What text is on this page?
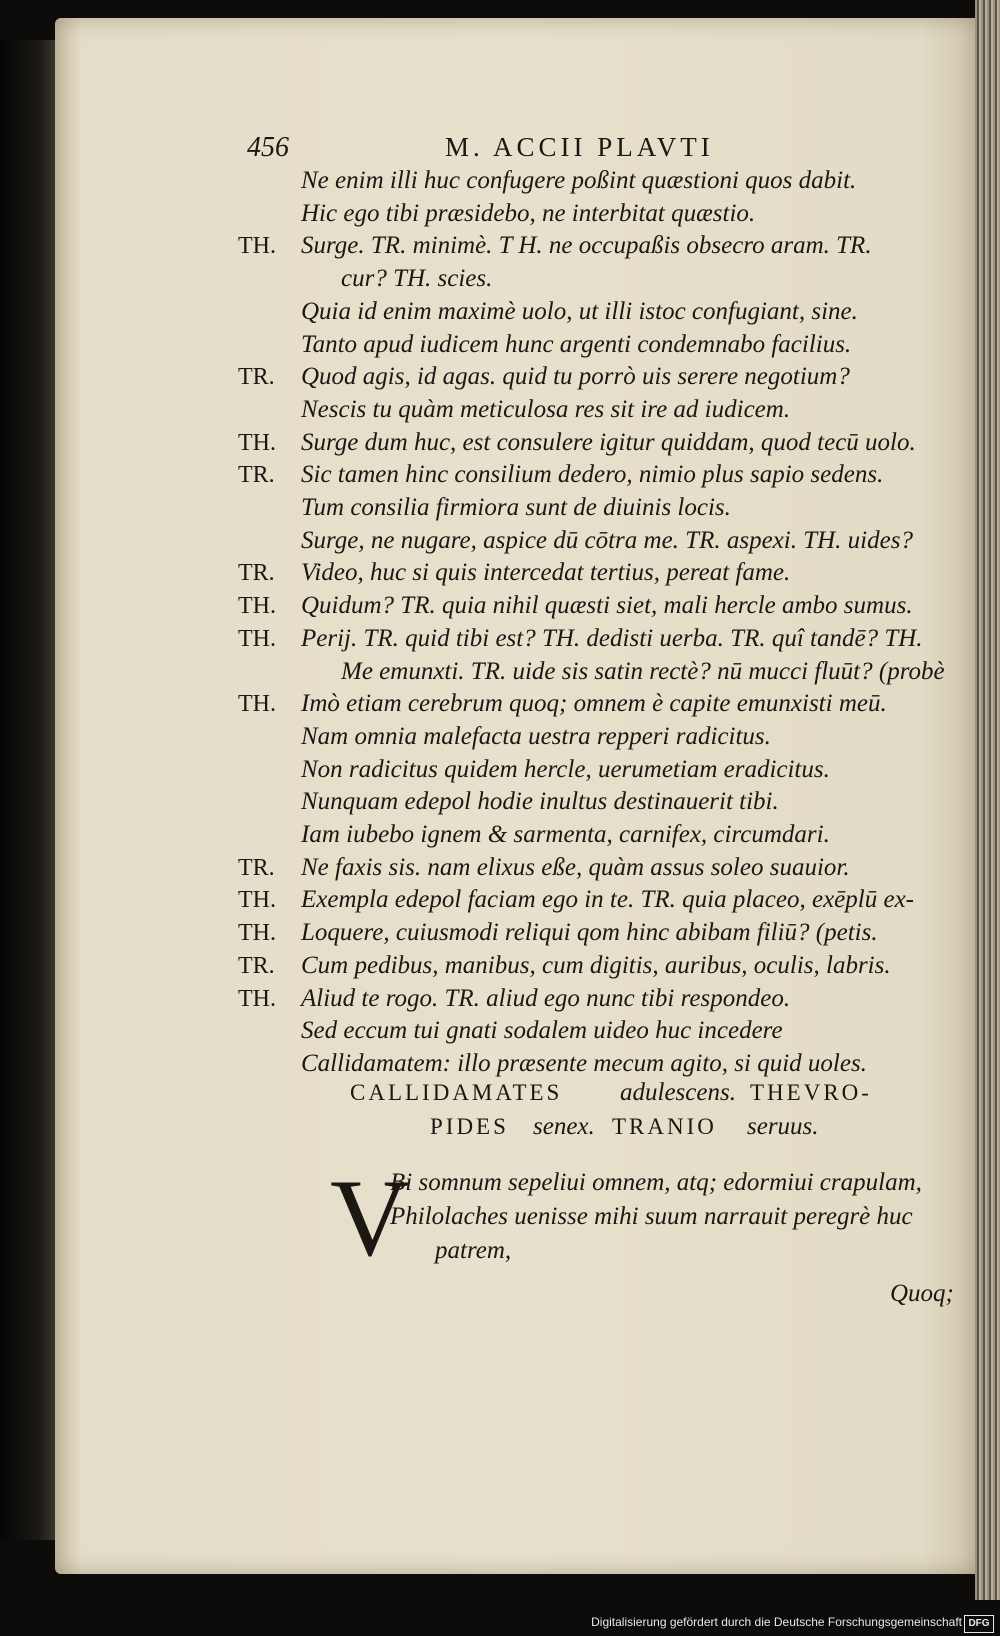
456	M. ACCII PLAVTI
Ne enim illi huc confugere poßint quæstioni quos dabit.
Hic ego tibi præsidebo, ne interbitat quæstio.
TH.	Surge. TR. minimè. T H. ne occupaßis obsecro aram. TR.
cur? TH. scies.
Quia id enim maximè uolo, ut illi istoc confugiant, sine.
Tanto apud iudicem hunc argenti condemnabo facilius.
TR.	Quod agis, id agas. quid tu porrò uis serere negotium?
Nescis tu quàm meticulosa res sit ire ad iudicem.
TH.	Surge dum huc, est consulere igitur quiddam, quod tecū uolo.
TR.	Sic tamen hinc consilium dedero, nimio plus sapio sedens.
Tum consilia firmiora sunt de diuinis locis.
Surge, ne nugare, aspice dū cōtra me. TR. aspexi. TH. uides?
TR.	Video, huc si quis intercedat tertius, pereat fame.
TH.	Quidum? TR. quia nihil quæsti siet, mali hercle ambo sumus.
TH.	Perij. TR. quid tibi est? TH. dedisti uerba. TR. quî tandē? TH.
Me emunxti. TR. uide sis satin rectè? nū mucci fluūt? (probè
TH.	Imò etiam cerebrum quoq; omnem è capite emunxisti meū.
Nam omnia malefacta uestra repperi radicitus.
Non radicitus quidem hercle, uerumetiam eradicitus.
Nunquam edepol hodie inultus destinauerit tibi.
Iam iubebo ignem & sarmenta, carnifex, circumdari.
TR.	Ne faxis sis. nam elixus eße, quàm assus soleo suauior.
TH.	Exempla edepol faciam ego in te. TR. quia placeo, exēplū ex-
TH.	Loquere, cuiusmodi reliqui qom hinc abibam filiū? (petis.
TR.	Cum pedibus, manibus, cum digitis, auribus, oculis, labris.
TH.	Aliud te rogo. TR. aliud ego nunc tibi respondeo.
Sed eccum tui gnati sodalem uideo huc incedere
Callidamatem: illo præsente mecum agito, si quid uoles.
CALLIDAMATES adulescens. THEVRO-
PIDES senex. TRANIO seruus.
V
Bi somnum sepeliui omnem, atq; edormiui crapulam,
Philolaches uenisse mihi suum narrauit peregrè huc
patrem,
Quoq;
Digitalisierung gefördert durch die Deutsche Forschungsgemeinschaft DFG
